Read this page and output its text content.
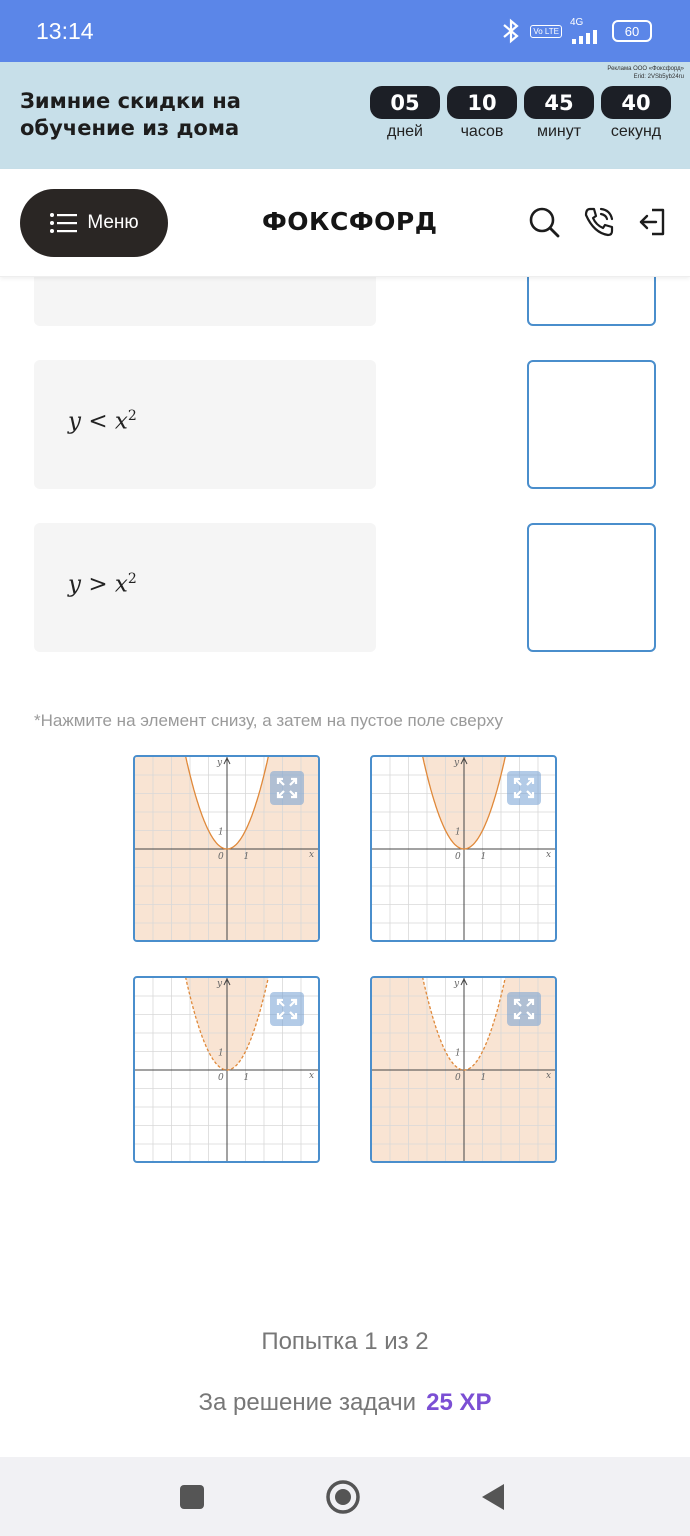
13:14	Vo LTE
4G
60
Реклама ООО «Фоксфорд»
Erid: 2VSb5yb24ru
Зимние скидки на
обучение из дома
05
дней
10
часов
45
минут
40
секунд
Меню	ФОКСФОРД
$y < x^2$
$y > x^2$
*Нажмите на элемент снизу, а затем на пустое поле сверху
y
x
0
1
1
y
x
0
1
1
y
x
0
1
1
y
x
0
1
1
Попытка 1 из 2
За решение задачи 25 XP
